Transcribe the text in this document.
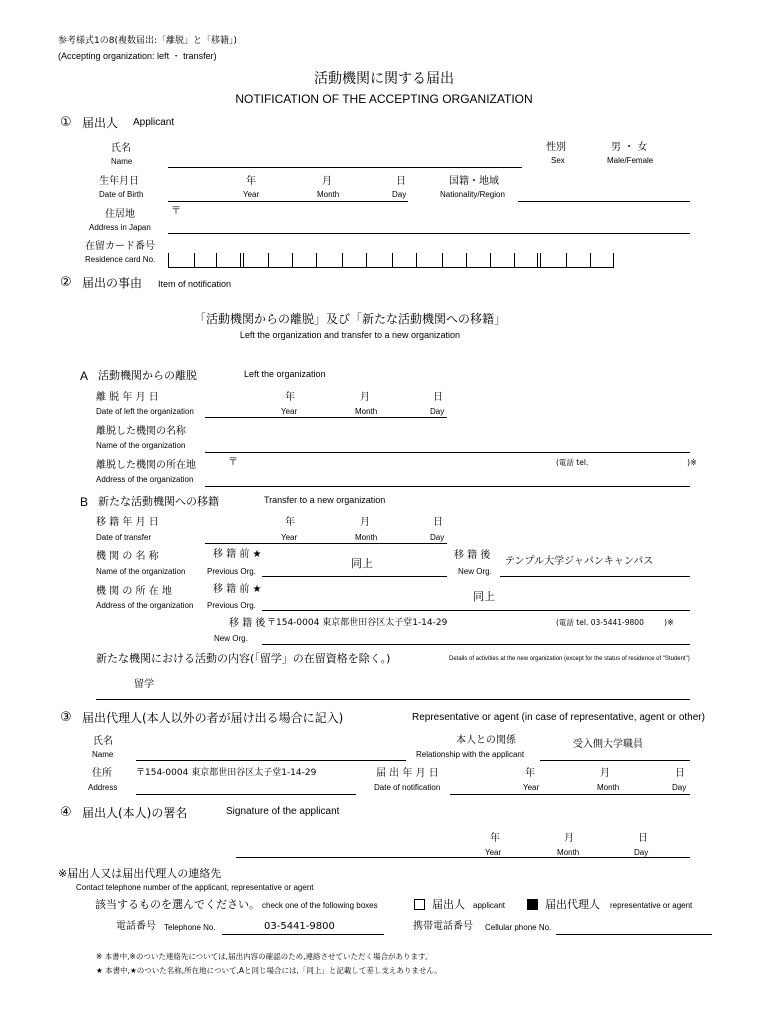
参考様式1の8(複数届出:「離脱」と「移籍」)
(Accepting organization: left ・ transfer)
活動機関に関する届出
NOTIFICATION OF THE ACCEPTING ORGANIZATION
① 届出人 Applicant
氏名
Name
性別
Sex
男 ・ 女
Male/Female
生年月日
Date of Birth
年
Year
月
Month
日
Day
国籍・地域
Nationality/Region
住居地
Address in Japan
〒
在留カード番号
Residence card No.
② 届出の事由 Item of notification
「活動機関からの離脱」及び「新たな活動機関への移籍」
Left the organization and transfer to a new organization
A 活動機関からの離脱	Left the organization
離 脱 年 月 日
Date of left the organization
年
Year
月
Month
日
Day
離脱した機関の名称
Name of the organization
離脱した機関の所在地
Address of the organization
〒	(電話 tel.	)※
B 新たな活動機関への移籍	Transfer to a new organization
移 籍 年 月 日
Date of transfer
年
Year
月
Month
日
Day
機 関 の 名 称
Name of the organization
移 籍 前 ★
Previous Org.
同上
移 籍 後
New Org.
テンプル大学ジャパンキャンパス
機 関 の 所 在 地
Address of the organization
移 籍 前 ★
Previous Org.
同上
移 籍 後
New Org.
〒154-0004 東京都世田谷区太子堂1-14-29	(電話 tel. 03-5441-9800	)※
新たな機関における活動の内容(「留学」の在留資格を除く。)	Details of activities at the new organization (except for the status of residence of "Student")
留学
③ 届出代理人(本人以外の者が届け出る場合に記入)	Representative or agent (in case of representative, agent or other)
氏名
Name
本人との関係
Relationship with the applicant
受入側大学職員
住所
Address
〒154-0004 東京都世田谷区太子堂1-14-29	届 出 年 月 日
Date of notification
年
Year
月
Month
日
Day
④ 届出人(本人)の署名	Signature of the applicant
年
Year
月
Month
日
Day
※届出人又は届出代理人の連絡先
Contact telephone number of the applicant, representative or agent
該当するものを選んでください。 check one of the following boxes	届出人 applicant	届出代理人 representative or agent
電話番号 Telephone No.	03-5441-9800	携帯電話番号 Cellular phone No.
※ 本書中,※のついた連絡先については,届出内容の確認のため,連絡させていただく場合があります。
★ 本書中,★のついた名称,所在地について,Aと同じ場合には,「同上」と記載して差し支えありません。
